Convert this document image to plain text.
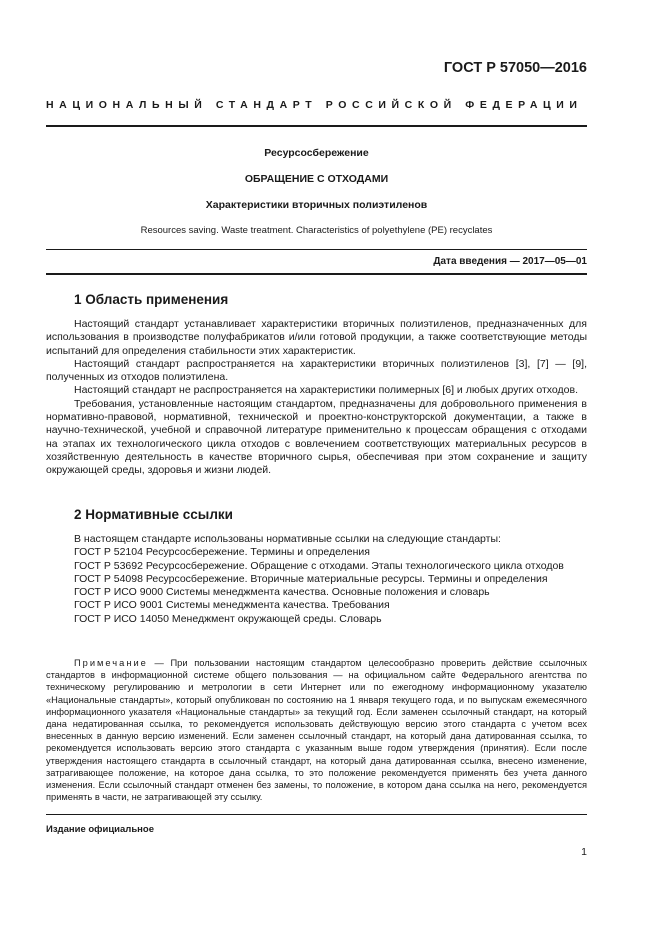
ГОСТ Р 57050—2016
НАЦИОНАЛЬНЫЙ СТАНДАРТ РОССИЙСКОЙ ФЕДЕРАЦИИ
Ресурсосбережение
ОБРАЩЕНИЕ С ОТХОДАМИ
Характеристики вторичных полиэтиленов
Resources saving. Waste treatment. Characteristics of polyethylene (PE) recyclates
Дата введения — 2017—05—01
1 Область применения

Настоящий стандарт устанавливает характеристики вторичных полиэтиленов, предназначенных для использования в производстве полуфабрикатов и/или готовой продукции, а также соответствующие методы испытаний для определения стабильности этих характеристик.

Настоящий стандарт распространяется на характеристики вторичных полиэтиленов [3], [7] — [9], полученных из отходов полиэтилена.

Настоящий стандарт не распространяется на характеристики полимерных [6] и любых других отходов.

Требования, установленные настоящим стандартом, предназначены для добровольного применения в нормативно-правовой, нормативной, технической и проектно-конструкторской документации, а также в научно-технической, учебной и справочной литературе применительно к процессам обращения с отходами на этапах их технологического цикла отходов с вовлечением соответствующих материальных ресурсов в хозяйственную деятельность в качестве вторичного сырья, обеспечивая при этом сохранение и защиту окружающей среды, здоровья и жизни людей.

2 Нормативные ссылки

В настоящем стандарте использованы нормативные ссылки на следующие стандарты:

ГОСТ Р 52104 Ресурсосбережение. Термины и определения

ГОСТ Р 53692 Ресурсосбережение. Обращение с отходами. Этапы технологического цикла отходов

ГОСТ Р 54098 Ресурсосбережение. Вторичные материальные ресурсы. Термины и определения

ГОСТ Р ИСО 9000 Системы менеджмента качества. Основные положения и словарь

ГОСТ Р ИСО 9001 Системы менеджмента качества. Требования

ГОСТ Р ИСО 14050 Менеджмент окружающей среды. Словарь

Примечание — При пользовании настоящим стандартом целесообразно проверить действие ссылочных стандартов в информационной системе общего пользования — на официальном сайте Федерального агентства по техническому регулированию и метрологии в сети Интернет или по ежегодному информационному указателю «Национальные стандарты», который опубликован по состоянию на 1 января текущего года, и по выпускам ежемесячного информационного указателя «Национальные стандарты» за текущий год. Если заменен ссылочный стандарт, на который дана недатированная ссылка, то рекомендуется использовать действующую версию этого стандарта с учетом всех внесенных в данную версию изменений. Если заменен ссылочный стандарт, на который дана датированная ссылка, то рекомендуется использовать версию этого стандарта с указанным выше годом утверждения (принятия). Если после утверждения настоящего стандарта в ссылочный стандарт, на который дана датированная ссылка, внесено изменение, затрагивающее положение, на которое дана ссылка, то это положение рекомендуется применять без учета данного изменения. Если ссылочный стандарт отменен без замены, то положение, в котором дана ссылка на него, рекомендуется применять в части, не затрагивающей эту ссылку.
Издание официальное
1
